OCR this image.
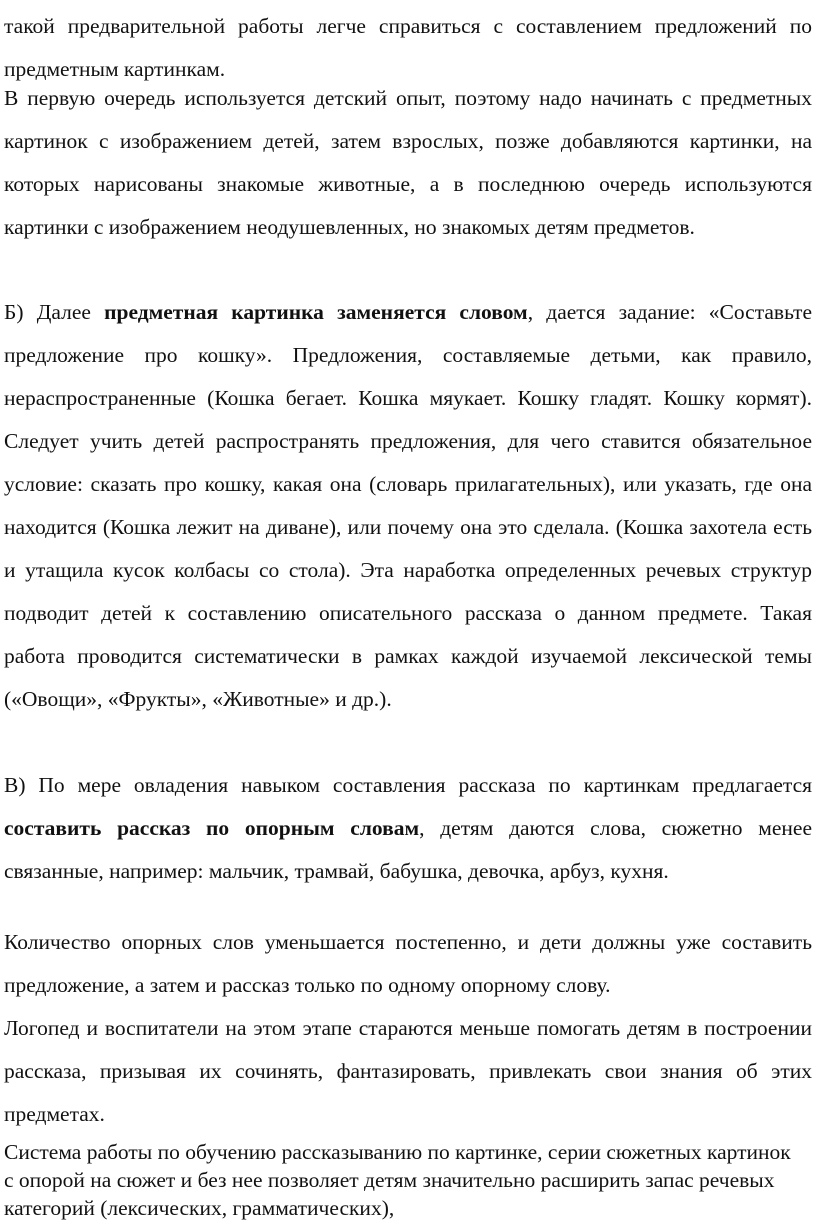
такой предварительной работы легче справиться с составлением предложений по предметным картинкам.

В первую очередь используется детский опыт, поэтому надо начинать с предметных картинок с изображением детей, затем взрослых, позже добавляются картинки, на которых нарисованы знакомые животные, а в последнюю очередь используются картинки с изображением неодушевленных, но знакомых детям предметов.

Б) Далее предметная картинка заменяется словом, дается задание: «Составьте предложение про кошку». Предложения, составляемые детьми, как правило, нераспространенные (Кошка бегает. Кошка мяукает. Кошку гладят. Кошку кормят). Следует учить детей распространять предложения, для чего ставится обязательное условие: сказать про кошку, какая она (словарь прилагательных), или указать, где она находится (Кошка лежит на диване), или почему она это сделала. (Кошка захотела есть и утащила кусок колбасы со стола). Эта наработка определенных речевых структур подводит детей к составлению описательного рассказа о данном предмете. Такая работа проводится систематически в рамках каждой изучаемой лексической темы («Овощи», «Фрукты», «Животные» и др.).

В) По мере овладения навыком составления рассказа по картинкам предлагается составить рассказ по опорным словам, детям даются слова, сюжетно менее связанные, например: мальчик, трамвай, бабушка, девочка, арбуз, кухня.

Количество опорных слов уменьшается постепенно, и дети должны уже составить предложение, а затем и рассказ только по одному опорному слову.

Логопед и воспитатели на этом этапе стараются меньше помогать детям в построении рассказа, призывая их сочинять, фантазировать, привлекать свои знания об этих предметах.

Система работы по обучению рассказыванию по картинке, серии сюжетных картинок с опорой на сюжет и без нее позволяет детям значительно расширить запас речевых категорий (лексических, грамматических),
